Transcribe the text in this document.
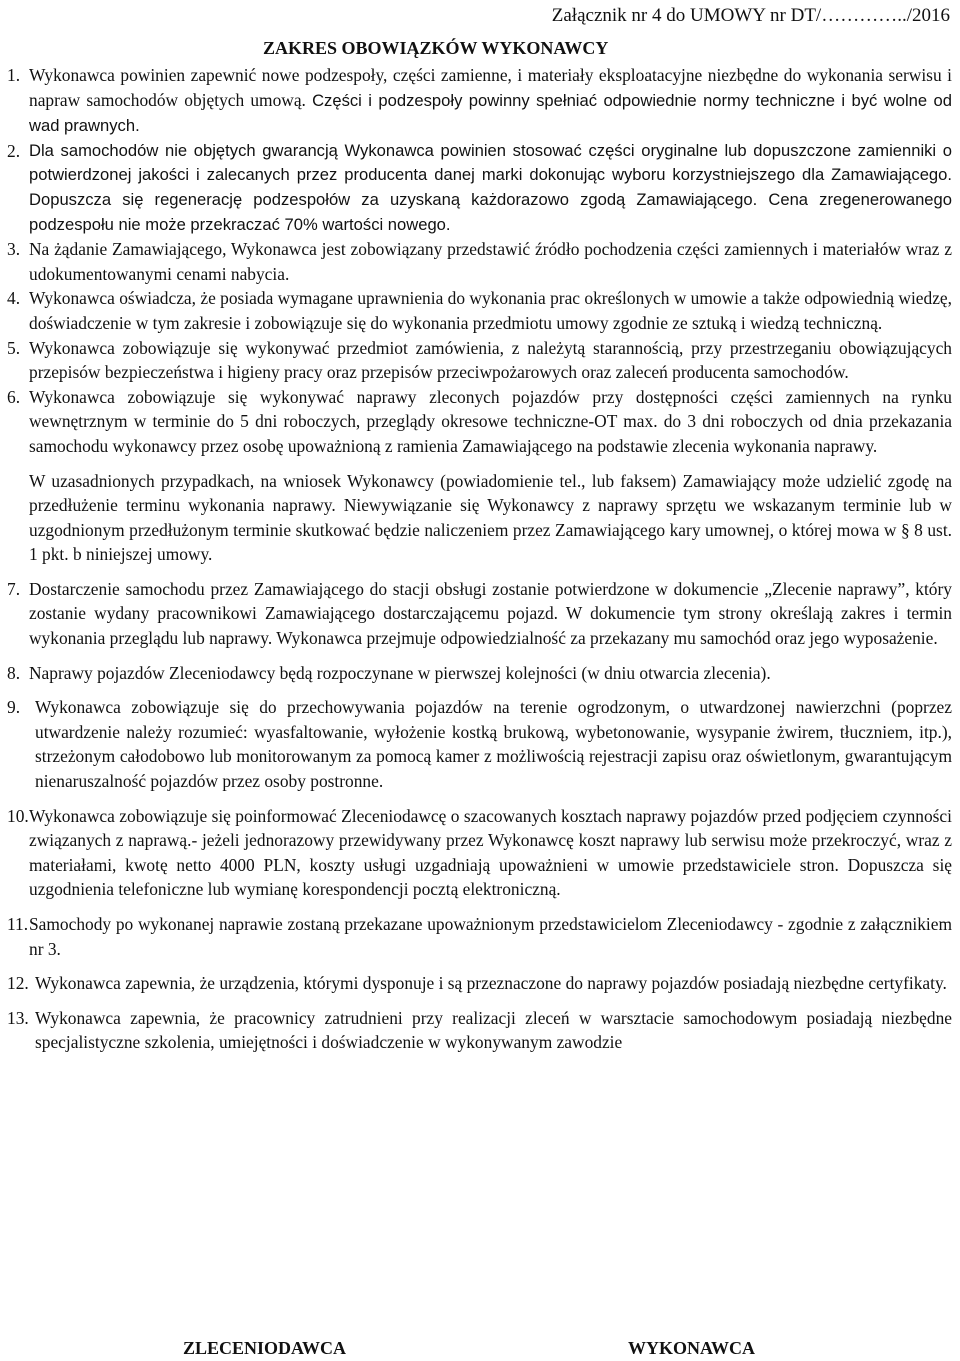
Załącznik nr 4 do UMOWY nr DT/…………../2016
ZAKRES OBOWIĄZKÓW WYKONAWCY
1. Wykonawca powinien zapewnić nowe podzespoły, części zamienne, i materiały eksploatacyjne niezbędne do wykonania serwisu i napraw samochodów objętych umową. Części i podzespoły powinny spełniać odpowiednie normy techniczne i być wolne od wad prawnych.
2. Dla samochodów nie objętych gwarancją Wykonawca powinien stosować części oryginalne lub dopuszczone zamienniki o potwierdzonej jakości i zalecanych przez producenta danej marki dokonując wyboru korzystniejszego dla Zamawiającego. Dopuszcza się regenerację podzespołów za uzyskaną każdorazowo zgodą Zamawiającego. Cena zregenerowanego podzespołu nie może przekraczać 70% wartości nowego.
3. Na żądanie Zamawiającego, Wykonawca jest zobowiązany przedstawić źródło pochodzenia części zamiennych i materiałów wraz z udokumentowanymi cenami nabycia.
4. Wykonawca oświadcza, że posiada wymagane uprawnienia do wykonania prac określonych w umowie a także odpowiednią wiedzę, doświadczenie w tym zakresie i zobowiązuje się do wykonania przedmiotu umowy zgodnie ze sztuką i wiedzą techniczną.
5. Wykonawca zobowiązuje się wykonywać przedmiot zamówienia, z należytą starannością, przy przestrzeganiu obowiązujących przepisów bezpieczeństwa i higieny pracy oraz przepisów przeciwpożarowych oraz zaleceń producenta samochodów.
6. Wykonawca zobowiązuje się wykonywać naprawy zleconych pojazdów przy dostępności części zamiennych na rynku wewnętrznym w terminie do 5 dni roboczych, przeglądy okresowe techniczne-OT max. do 3 dni roboczych od dnia przekazania samochodu wykonawcy przez osobę upoważnioną z ramienia Zamawiającego na podstawie zlecenia wykonania naprawy.
W uzasadnionych przypadkach, na wniosek Wykonawcy (powiadomienie tel., lub faksem) Zamawiający może udzielić zgodę na przedłużenie terminu wykonania naprawy. Niewywiązanie się Wykonawcy z naprawy sprzętu we wskazanym terminie lub w uzgodnionym przedłużonym terminie skutkować będzie naliczeniem przez Zamawiającego kary umownej, o której mowa w § 8 ust. 1 pkt. b niniejszej umowy.
7. Dostarczenie samochodu przez Zamawiającego do stacji obsługi zostanie potwierdzone w dokumencie „Zlecenie naprawy”, który zostanie wydany pracownikowi Zamawiającego dostarczającemu pojazd. W dokumencie tym strony określają zakres i termin wykonania przeglądu lub naprawy. Wykonawca przejmuje odpowiedzialność za przekazany mu samochód oraz jego wyposażenie.
8. Naprawy pojazdów Zleceniodawcy będą rozpoczynane w pierwszej kolejności (w dniu otwarcia zlecenia).
9. Wykonawca zobowiązuje się do przechowywania pojazdów na terenie ogrodzonym, o utwardzonej nawierzchni (poprzez utwardzenie należy rozumieć: wyasfaltowanie, wyłożenie kostką brukową, wybetonowanie, wysypanie żwirem, tłuczniem, itp.), strzeżonym całodobowo lub monitorowanym za pomocą kamer z możliwością rejestracji zapisu oraz oświetlonym, gwarantującym nienaruszalność pojazdów przez osoby postronne.
10. Wykonawca zobowiązuje się poinformować Zleceniodawcę o szacowanych kosztach naprawy pojazdów przed podjęciem czynności związanych z naprawą.- jeżeli jednorazowy przewidywany przez Wykonawcę koszt naprawy lub serwisu może przekroczyć, wraz z materiałami, kwotę netto 4000 PLN, koszty usługi uzgadniają upoważnieni w umowie przedstawiciele stron. Dopuszcza się uzgodnienia telefoniczne lub wymianę korespondencji pocztą elektroniczną.
11. Samochody po wykonanej naprawie zostaną przekazane upoważnionym przedstawicielom Zleceniodawcy - zgodnie z załącznikiem nr 3.
12. Wykonawca zapewnia, że urządzenia, którymi dysponuje i są przeznaczone do naprawy pojazdów posiadają niezbędne certyfikaty.
13. Wykonawca zapewnia, że pracownicy zatrudnieni przy realizacji zleceń w warsztacie samochodowym posiadają niezbędne specjalistyczne szkolenia, umiejętności i doświadczenie w wykonywanym zawodzie
ZLECENIODAWCA	WYKONAWCA
